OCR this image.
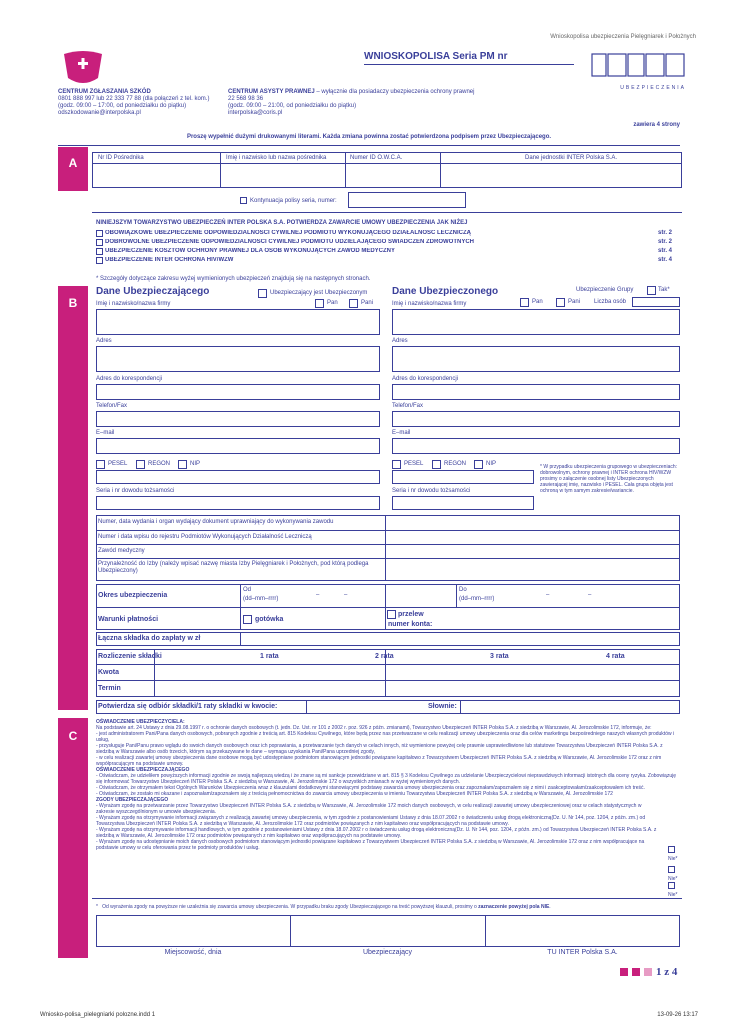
Wnioskopolisa ubezpieczenia Pielęgniarek i Położnych
WNIOSKOPOLISA Seria PM nr
UBEZPIECZENIA
CENTRUM ZGŁASZANIA SZKÓD
0801 888 997 lub 22 333 77 88 (dla połączeń z tel. kom.)
(godz. 09:00 – 17:00, od poniedziałku do piątku)
odszkodowanie@interpolska.pl
CENTRUM ASYSTY PRAWNEJ – wyłącznie dla posiadaczy ubezpieczenia ochrony prawnej
22 568 98 36
(godz. 09:00 – 21:00, od poniedziałku do piątku)
interpolska@coris.pl
zawiera 4 strony
Proszę wypełnić dużymi drukowanymi literami. Każda zmiana powinna zostać potwierdzona podpisem przez Ubezpieczającego.
A	Nr ID Pośrednika	Imię i nazwisko lub nazwa pośrednika	Numer ID O.W.C.A.	Dane jednostki INTER Polska S.A.
Kontynuacja polisy seria, numer:
NINIEJSZYM TOWARZYSTWO UBEZPIECZEŃ INTER POLSKA S.A. POTWIERDZA ZAWARCIE UMOWY UBEZPIECZENIA JAK NIŻEJ
OBOWIĄZKOWE UBEZPIECZENIE ODPOWIEDZIALNOŚCI CYWILNEJ PODMIOTU WYKONUJĄCEGO DZIAŁALNOŚĆ LECZNICZĄ	str. 2
DOBROWOLNE UBEZPIECZENIE ODPOWIEDZIALNOŚCI CYWILNEJ PODMIOTU UDZIELAJĄCEGO ŚWIADCZEŃ ZDROWOTNYCH	str. 2
UBEZPIECZENIE KOSZTÓW OCHRONY PRAWNEJ DLA OSÓB WYKONUJĄCYCH ZAWÓD MEDYCZNY	str. 4
UBEZPIECZENIE INTER OCHRONA HIV/WZW	str. 4
* Szczegóły dotyczące zakresu wyżej wymienionych ubezpieczeń znajdują się na następnych stronach.
B
Dane Ubezpieczającego	Ubezpieczający jest Ubezpieczonym
Pan	Pani
Dane Ubezpieczonego	Ubezpieczenie Grupy	Tak*
Pan	Pani Liczba osób
Imię i nazwisko/nazwa firmy
Adres
Adres do korespondencji
Telefon/Fax
E–mail
PESEL	REGON	NIP
Seria i nr dowodu tożsamości
Imię i nazwisko/nazwa firmy
Adres
Adres do korespondencji
Telefon/Fax
E–mail
PESEL	REGON	NIP
Seria i nr dowodu tożsamości
* W przypadku ubezpieczenia grupowego w ubezpieczeniach: dobrowolnym, ochrony prawnej i INTER ochrona HIV/WZW prosimy o załączenie osobnej listy Ubezpieczonych zawierającej imię, nazwisko i PESEL. Cała grupa objęta jest ochroną w tym samym zakresie/wariancie.
Numer, data wydania i organ wydający dokument uprawniający do wykonywania zawodu
Numer i data wpisu do rejestru Podmiotów Wykonujących Działalność Leczniczą
Zawód medyczny
Przynależność do Izby (należy wpisać nazwę miasta Izby Pielęgniarek i Położnych, pod którą podlega Ubezpieczony)
Okres ubezpieczenia
Od
(dd–mm–rrrr)
–	–
Do
(dd–mm–rrrr)
–	–
Warunki płatności	gotówka
przelew
numer konta:
Łączna składka do zapłaty w zł
Rozliczenie składki	1 rata	2 rata	3 rata	4 rata
Kwota
Termin
Potwierdza się odbiór składki/1 raty składki w kwocie:	Słownie:
C
OŚWIADCZENIE UBEZPIECZYCIELA:
Na podstawie art. 24 Ustawy z dnia 29.08.1997 r. o ochronie danych osobowych (t. jedn. Dz. Ust. nr 101 z 2002 r. poz. 926 z późn. zmianami), Towarzystwo Ubezpieczeń INTER Polska S.A. z siedzibą w Warszawie, Al. Jerozolimskie 172, informuje, że:
- jest administratorem Pani/Pana danych osobowych, pobranych zgodnie z treścią art. 815 Kodeksu Cywilnego, które będą przez nas przetwarzane w celu realizacji umowy ubezpieczenia oraz dla celów marketingu bezpośredniego naszych własnych produktów i usług,
- przysługuje Pani/Panu prawo wglądu do swoich danych osobowych oraz ich poprawiania, a przetwarzanie tych danych w celach innych, niż wymienione powyżej celę prawnie usprawiedliwione lub statutowe Towarzystwa Ubezpieczeń INTER Polska S.A. z siedzibą w Warszawie albo osób trzecich, którym są przekazywane te dane – wymaga uzyskania Pani/Pana uprzedniej zgody,
- w celu realizacji zawartej umowy ubezpieczenia dane osobowe mogą być udostępniane podmiotom stanowiącym jednostki powiązane kapitałowo z Towarzystwem Ubezpieczeń INTER Polska S.A. z siedzibą w Warszawie, Al. Jerozolimskie 172 oraz z nim współpracującym na podstawie umowy.
OŚWIADCZENIE UBEZPIECZAJĄCEGO
- Oświadczam, że udzieliłem powyższych informacji zgodnie ze swoją najlepszą wiedzą i że znane są mi sankcje przewidziane w art. 815 § 3 Kodeksu Cywilnego za udzielanie Ubezpieczycielowi nieprawdziwych informacji istotnych dla oceny ryzyka. Zobowiązuję się informować Towarzystwo Ubezpieczeń INTER Polska S.A. z siedzibą w Warszawie, Al. Jerozolimskie 172 o wszystkich zmianach w wyżej wymienionych danych.
- Oświadczam, że otrzymałem tekst Ogólnych Warunków Ubezpieczenia wraz z klauzulami dodatkowymi stanowiącymi podstawę zawarcia umowy ubezpieczenia oraz zapoznałam/zapoznałem się z nimi i zaakceptowałam/zaakceptowałem ich treść.
- Oświadczam, że zostało mi okazane i zapoznałam/zapoznałem się z treścią pełnomocnictwa do zawarcia umowy ubezpieczenia w imieniu Towarzystwa Ubezpieczeń INTER Polska S.A. z siedzibą w Warszawie, Al. Jerozolimskie 172
ZGODY UBEZPIECZAJĄCEGO
- Wyrażam zgodę na przetwarzanie przez Towarzystwo Ubezpieczeń INTER Polska S.A. z siedzibą w Warszawie, Al. Jerozolimskie 172 moich danych osobowych, w celu realizacji zawartej umowy ubezpieczeniowej oraz w celach statystycznych w zakresie wyszczególnionym w umowie ubezpieczenia.
- Wyrażam zgodę na otrzymywanie informacji związanych z realizacją zawartej umowy ubezpieczenia, w tym zgodnie z postanowieniami Ustawy z dnia 18.07.2002 r o świadczeniu usług drogą elektroniczną(Dz. U. Nr 144, poz. 1204, z późn. zm.) od Towarzystwa Ubezpieczeń INTER Polska S.A. z siedzibą w Warszawie, Al. Jerozolimskie 172 oraz podmiotów powiązanych z nim kapitałowo oraz współpracujących na podstawie umowy.
- Wyrażam zgodę na otrzymywanie informacji handlowych, w tym zgodnie z postanowieniami Ustawy z dnia 18.07.2002 r o świadczeniu usług drogą elektroniczną(Dz. U. Nr 144, poz. 1204, z późn. zm.) od Towarzystwa Ubezpieczeń INTER Polska S.A. z siedzibą w Warszawie, Al. Jerozolimskie 172 oraz podmiotów powiązanych z nim kapitałowo oraz współpracujących na podstawie umowy.
- Wyrażam zgodę na udostępnianie moich danych osobowych podmiotom stanowiącym jednostki powiązane kapitałowo z Towarzystwem Ubezpieczeń INTER Polska S.A. z siedzibą w Warszawie, Al. Jerozolimskie 172 oraz z nim współpracujące na podstawie umowy w celu oferowania przez te podmioty produktów i usług.
Nie*
Nie*
Nie*
*   Od wyrażenia zgody na powyższe nie uzależnia się zawarcia umowy ubezpieczenia. W przypadku braku zgody Ubezpieczającego na treść powyższej klauzuli, prosimy o zaznaczenie powyżej pola NIE.
Miejscowość, dnia	Ubezpieczający	TU INTER Polska S.A.
1 z 4
Wniosko-polisa_pielegniarki polozne.indd 1	13-09-26 13:17
